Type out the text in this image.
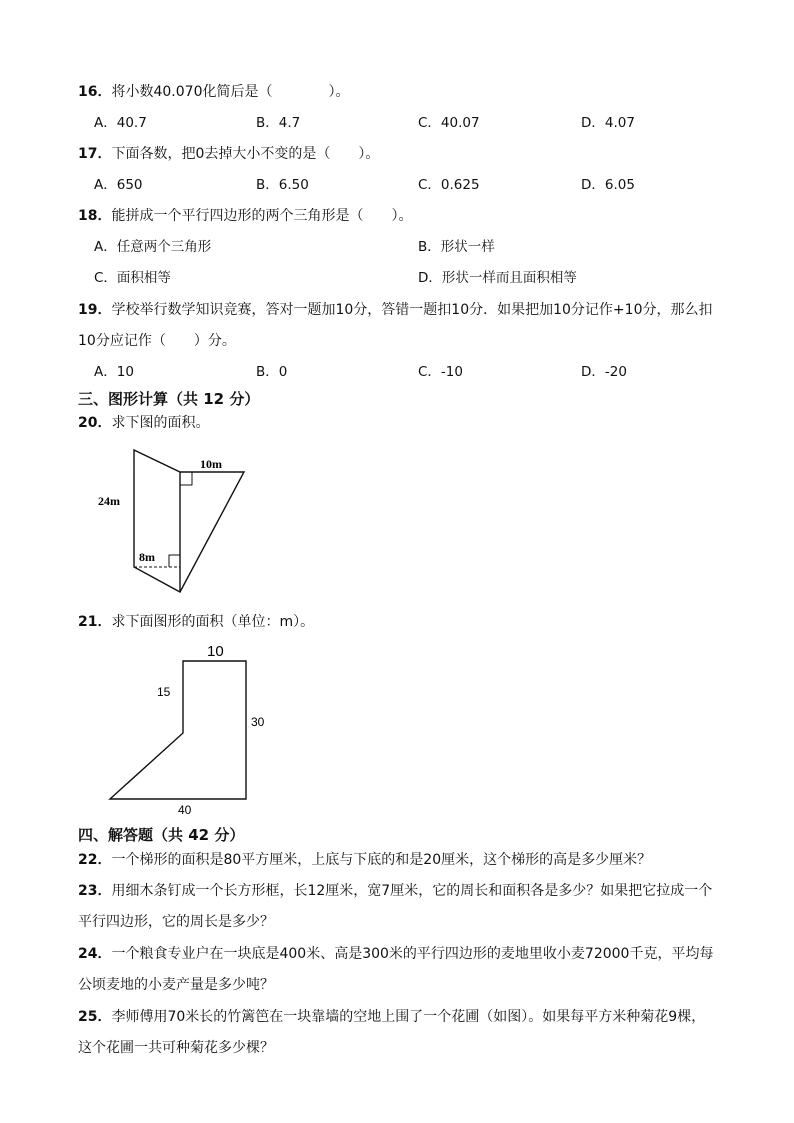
16．将小数40.070化简后是（　　　　）。
A．40.7	B．4.7	C．40.07	D．4.07
17．下面各数，把0去掉大小不变的是（　　）。
A．650	B．6.50	C．0.625	D．6.05
18．能拼成一个平行四边形的两个三角形是（　　）。
A．任意两个三角形	B．形状一样
C．面积相等	D．形状一样而且面积相等
19．学校举行数学知识竞赛，答对一题加10分，答错一题扣10分．如果把加10分记作+10分，那么扣
10分应记作（　　）分。
A．10	B．0	C．-10	D．-20
三、图形计算（共 12 分）
20．求下图的面积。
10m
24m
8m
21．求下面图形的面积（单位：m）。
10
15
30
40
四、解答题（共 42 分）
22．一个梯形的面积是80平方厘米，上底与下底的和是20厘米，这个梯形的高是多少厘米？
23．用细木条钉成一个长方形框，长12厘米，宽7厘米，它的周长和面积各是多少？如果把它拉成一个
平行四边形，它的周长是多少？
24．一个粮食专业户在一块底是400米、高是300米的平行四边形的麦地里收小麦72000千克，平均每
公顷麦地的小麦产量是多少吨？
25．李师傅用70米长的竹篱笆在一块靠墙的空地上围了一个花圃（如图）。如果每平方米种菊花9棵，
这个花圃一共可种菊花多少棵？
